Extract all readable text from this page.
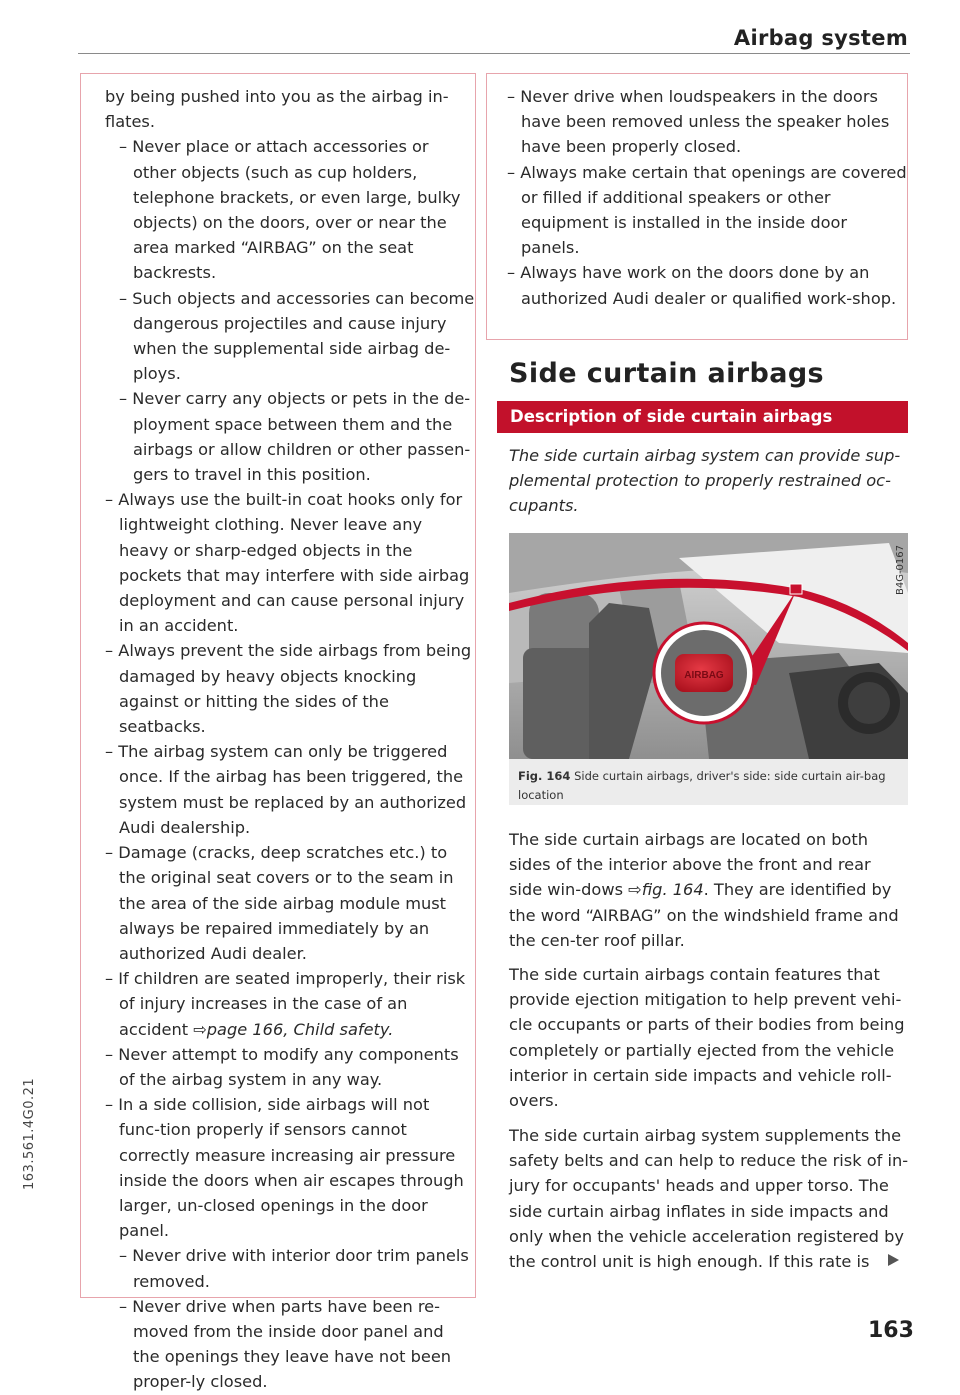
Airbag system
163.561.4G0.21

by being pushed into you as the airbag in-flates.

– Never place or attach accessories or other objects (such as cup holders, telephone brackets, or even large, bulky objects) on the doors, over or near the area marked “AIRBAG” on the seat backrests.

– Such objects and accessories can become dangerous projectiles and cause injury when the supplemental side airbag de-ploys.

– Never carry any objects or pets in the de-ployment space between them and the airbags or allow children or other passen-gers to travel in this position.

– Always use the built-in coat hooks only for lightweight clothing. Never leave any heavy or sharp-edged objects in the pockets that may interfere with side airbag deployment and can cause personal injury in an accident.

– Always prevent the side airbags from being damaged by heavy objects knocking against or hitting the sides of the seatbacks.

– The airbag system can only be triggered once. If the airbag has been triggered, the system must be replaced by an authorized Audi dealership.

– Damage (cracks, deep scratches etc.) to the original seat covers or to the seam in the area of the side airbag module must always be repaired immediately by an authorized Audi dealer.

– If children are seated improperly, their risk of injury increases in the case of an accident ⇨page 166, Child safety.

– Never attempt to modify any components of the airbag system in any way.

– In a side collision, side airbags will not func-tion properly if sensors cannot correctly measure increasing air pressure inside the doors when air escapes through larger, un-closed openings in the door panel.

– Never drive with interior door trim panels removed.

– Never drive when parts have been re-moved from the inside door panel and the openings they leave have not been proper-ly closed.

– Never drive when loudspeakers in the doors have been removed unless the speaker holes have been properly closed.

– Always make certain that openings are covered or filled if additional speakers or other equipment is installed in the inside door panels.

– Always have work on the doors done by an authorized Audi dealer or qualified work-shop.

Side curtain airbags
Description of side curtain airbags
The side curtain airbag system can provide sup-plemental protection to properly restrained oc-cupants.
AIRBAG
B4G-0167
Fig. 164 Side curtain airbags, driver's side: side curtain air-bag location
The side curtain airbags are located on both sides of the interior above the front and rear side win-dows ⇨fig. 164. They are identified by the word “AIRBAG” on the windshield frame and the cen-ter roof pillar.
The side curtain airbags contain features that provide ejection mitigation to help prevent vehi-cle occupants or parts of their bodies from being completely or partially ejected from the vehicle interior in certain side impacts and vehicle roll-overs.
The side curtain airbag system supplements the safety belts and can help to reduce the risk of in-jury for occupants' heads and upper torso. The side curtain airbag inflates in side impacts and only when the vehicle acceleration registered by the control unit is high enough. If this rate is
163
